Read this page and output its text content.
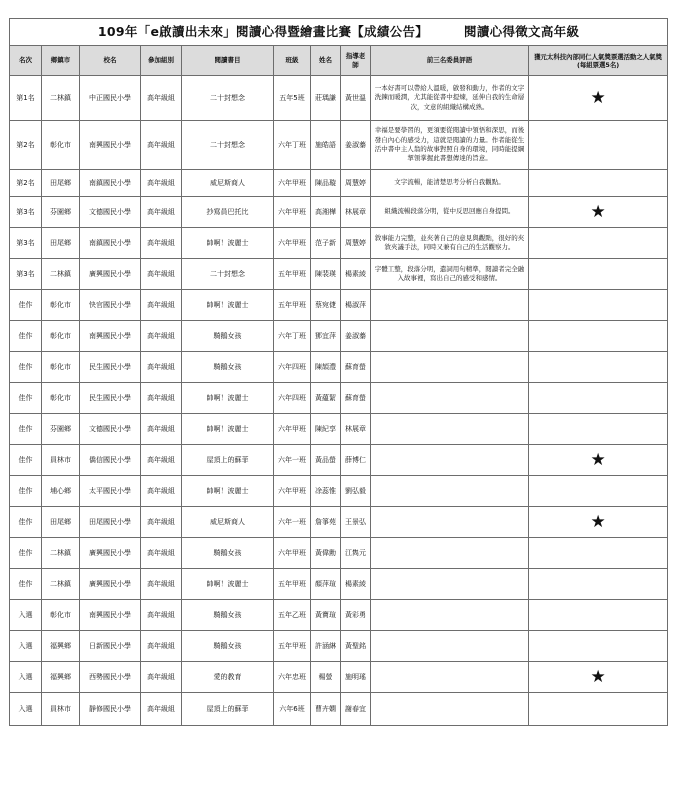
109年「e啟讀出未來」閱讀心得暨繪畫比賽【成績公告】 閱讀心得徵文高年級									
名次	鄉鎮市	校名	參加組別	閱讀書目	班級	姓名	指導老師	前三名委員評語	獲元太科技內部同仁人氣獎票選活動之人氣獎(每組票選5名)
第1名	二林鎮	中正國民小學	高年級組	二十封想念	五年5班	莊瑀謙	黃世溫	一本好書可以帶給人溫暖，啟發和動力，作者的文字洗鍊而暖潤，尤其能從書中提煉，延伸自我的生命層次，文意的組織結構成熟。	★
第2名	彰化市	南興國民小學	高年級組	二十封想念	六年丁班	施皓語	姜淑蓁	幸福是要學習的，更須要從閱讀中領悟和深思，而後發自內心的感受力，這就是閱讀的力量。作者能從生活中書中主人翁的故事對照自身的環境，同時能提綱挈領掌握此書想傳達的旨意。	
第2名	田尾鄉	南鎮國民小學	高年級組	威尼斯商人	六年甲班	陳品璇	周慧婷	文字流暢，能清楚思考分析自我觀點。	
第3名	芬園鄉	文德國民小學	高年級組	抄寫員巴托比	六年甲班	高湘樺	林展章	組織流暢段落分明，從中反思回應自身提問。	★
第3名	田尾鄉	南鎮國民小學	高年級組	帥啊！波麗士	六年甲班	范子新	周慧婷	敘事能力完整，並夾著自己的意見與觀點，很好的夾敘夾議手法，同時又兼有自己的生活觀察力。	
第3名	二林鎮	廣興國民小學	高年級組	二十封想念	五年甲班	陳裴瑛	楊素綾	字體工整，段落分明，遣詞用句精準，閱讀者完全融入故事裡，寫出自己的感受和感情。	
佳作	彰化市	快官國民小學	高年級組	帥啊！波麗士	五年甲班	蔡宛倢	楊淑萍		
佳作	彰化市	南興國民小學	高年級組	騎鵝女孩	六年丁班	鄧宜萍	姜淑蓁		
佳作	彰化市	民生國民小學	高年級組	騎鵝女孩	六年四班	陳頡澧	蘇育螢		
佳作	彰化市	民生國民小學	高年級組	帥啊！波麗士	六年四班	黃藴絜	蘇育螢		
佳作	芬園鄉	文德國民小學	高年級組	帥啊！波麗士	六年甲班	陳紀享	林展章		
佳作	員林市	僑信國民小學	高年級組	屋頂上的蘇菲	六年一班	黃品螢	薛博仁		★
佳作	埔心鄉	太平國民小學	高年級組	帥啊！波麗士	六年甲班	凃蕊惟	劉弘毅		
佳作	田尾鄉	田尾國民小學	高年級組	威尼斯商人	六年一班	詹箏苑	王景弘		★
佳作	二林鎮	廣興國民小學	高年級組	騎鵝女孩	六年甲班	黃偉勳	江雋元		
佳作	二林鎮	廣興國民小學	高年級組	帥啊！波麗士	五年甲班	顏萍瑄	楊素綾		
入選	彰化市	南興國民小學	高年級組	騎鵝女孩	五年乙班	黃寶瑄	黃彩勇		
入選	福興鄉	日新國民小學	高年級組	騎鵝女孩	五年甲班	許涵綝	黃聖銘		
入選	福興鄉	西勢國民小學	高年級組	愛的教育	六年忠班	楊螢	施明瑤		★
入選	員林市	靜修國民小學	高年級組	屋頂上的蘇菲	六年6班	曹卉嫺	謝春宜		
